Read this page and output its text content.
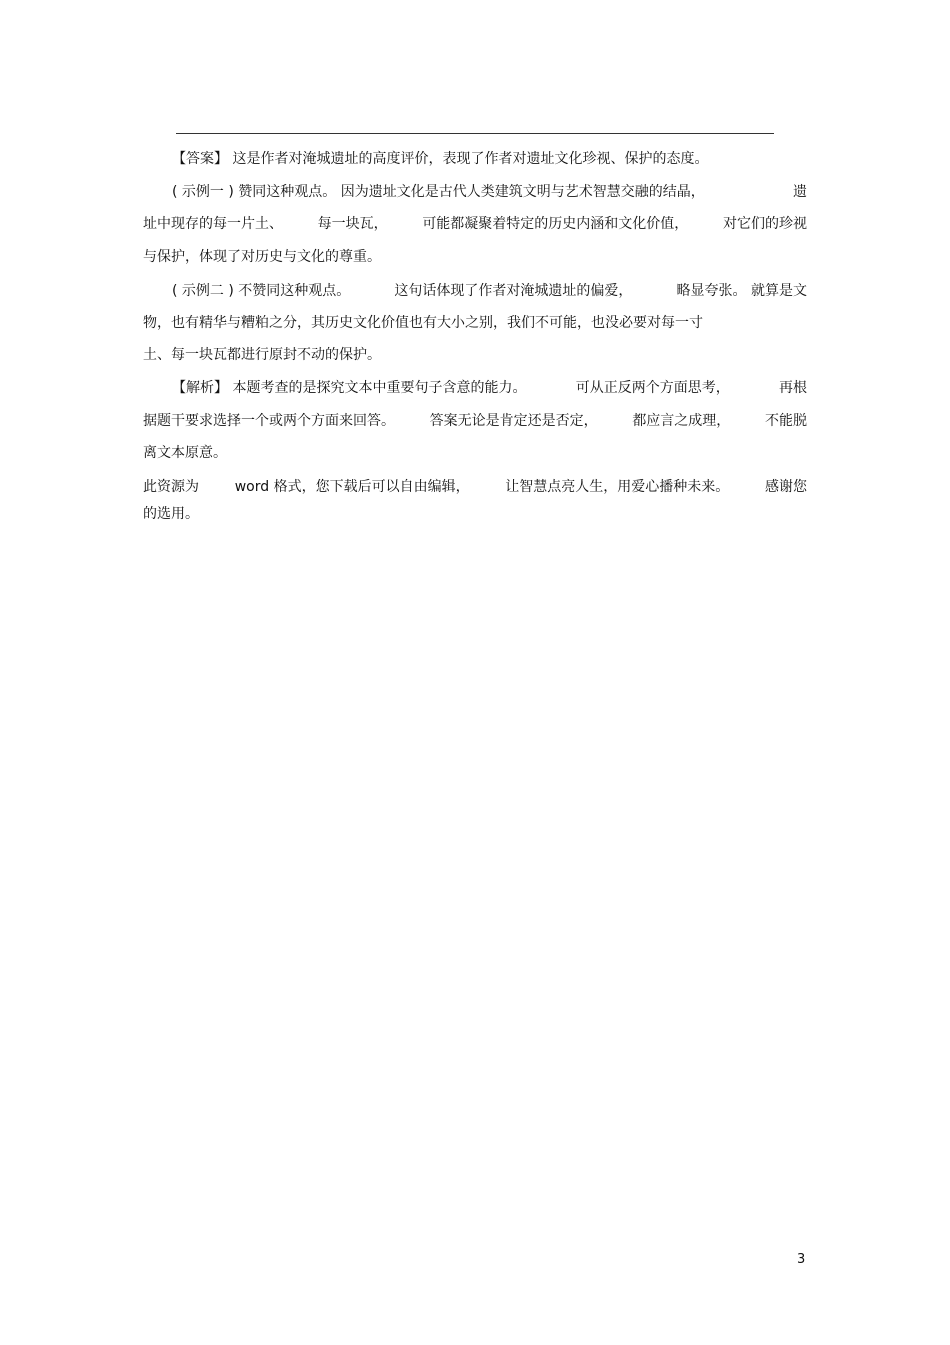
【答案】 这是作者对淹城遗址的高度评价，表现了作者对遗址文化珍视、保护的态度。
( 示例一 ) 赞同这种观点。 因为遗址文化是古代人类建筑文明与艺术智慧交融的结晶，	遗
址中现存的每一片土、 每一块瓦， 可能都凝聚着特定的历史内涵和文化价值， 对它们的珍视
与保护，体现了对历史与文化的尊重。
( 示例二 ) 不赞同这种观点。	这句话体现了作者对淹城遗址的偏爱，	略显夸张。 就算是文
物，也有精华与糟粕之分，其历史文化价值也有大小之别，我们不可能，也没必要对每一寸
土、每一块瓦都进行原封不动的保护。
【解析】 本题考查的是探究文本中重要句子含意的能力。	可从正反两个方面思考，	再根
据题干要求选择一个或两个方面来回答。 答案无论是肯定还是否定， 都应言之成理， 不能脱
离文本原意。
此资源为	word 格式，您下载后可以自由编辑，	让智慧点亮人生，用爱心播种未来。	感谢您
的选用。
3
